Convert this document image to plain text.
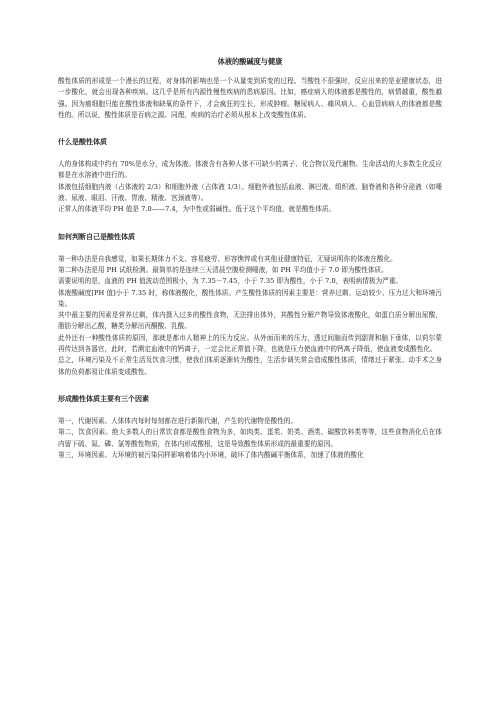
体液的酸碱度与健康

酸性体质的形成是一个漫长的过程，对身体的影响也是一个从量变到质变的过程。当酸性不很强时，反应出来的是亚健康状态，进一步酸化，就会出现各种疾病。这几乎是所有内源性慢性疾病的患病原因。比如，癌症病人的体液都是酸性的，病情越重，酸性越强。因为癌细胞只能在酸性体液和缺氧的条件下，才会疯狂的生长，形成肿瘤。糖尿病人、痛风病人、心血管病病人的体液都是酸性的。所以说，酸性体质是百病之源。同理，疾病的治疗必须从根本上改变酸性体质。

什么是酸性体质

人的身体构成中约有 70%是水分，成为体液。体液含有各种人体不可缺少的离子、化合物以及代谢物。生命活动的大多数生化反应都是在水溶液中进行的。

体液包括细胞内液（占体液的 2/3）和细胞外液（占体液 1/3）。细胞外液包括血液、淋巴液、组织液、脑脊液和各种分泌液（如唾液、尿液、眼泪、汗液、胃液、精液、宫颈液等）。

正常人的体液平均 PH 值是 7.0——7.4，为中性或弱碱性。低于这个平均值，就是酸性体质。

如何判断自己是酸性体质

第一种办法是自我感觉，如果长期体力不支、容易疲劳、形容憔悴或有其他亚健康特征，无疑说明你的体液在酸化。

第二种办法是用 PH 试纸检测。最简单的是连续三天清晨空腹检测唾液，如 PH 平均值小于 7.0 即为酸性体质。

需要说明的是，血液的 PH 值波动范围极小，为 7.35－7.45，小于 7.35 即为酸性，小于 7.0，表明病情极为严重。

体液酸碱度[PH 值]小于 7.35 时，称体液酸化，酸性体质。产生酸性体质的因素主要是：营养过剩、运动较少、压力过大和环境污染。

其中最主要的因素是营养过剩，体内摄入过多的酸性食物，无法排出体外，其酸性分解产物导致体液酸化，如蛋白质分解出尿酸，脂肪分解出乙酸，糖类分解出丙酮酸、乳酸。

此外还有一种酸性体质的原因，那就是都市人精神上的压力反应。从外面而来的压力，透过间脑而传到副肾和脑下垂体，以荷尔蒙再传达到各器官，此时，若测定血液中的钙离子，一定会比正常值下降，也就是压力使血液中的钙离子降低，使血液变成酸性化。

总之，环境污染及不正常生活及饮食习惯，使我们体质逐渐转为酸性，生活步调失常会造成酸性体质，情绪过于紧张、动手术之身体的负荷都易让体质变成酸性。

形成酸性体质主要有三个因素

第一，代谢因素。人体体内每时每刻都在进行新陈代谢，产生的代谢物是酸性的。

第二，饮食因素。绝大多数人的日常饮食都是酸性食物为多，如肉类、蛋类、奶类、酒类、碳酸饮料类等等，这些食物消化后在体内留下硫、氮、磷、氯等酸性物质，在体内形成酸根，这是导致酸性体质形成的最重要的原因。

第三，环境因素。大环境的被污染同样影响着体内小环境，破坏了体内酸碱平衡体系，加速了体液的酸化
